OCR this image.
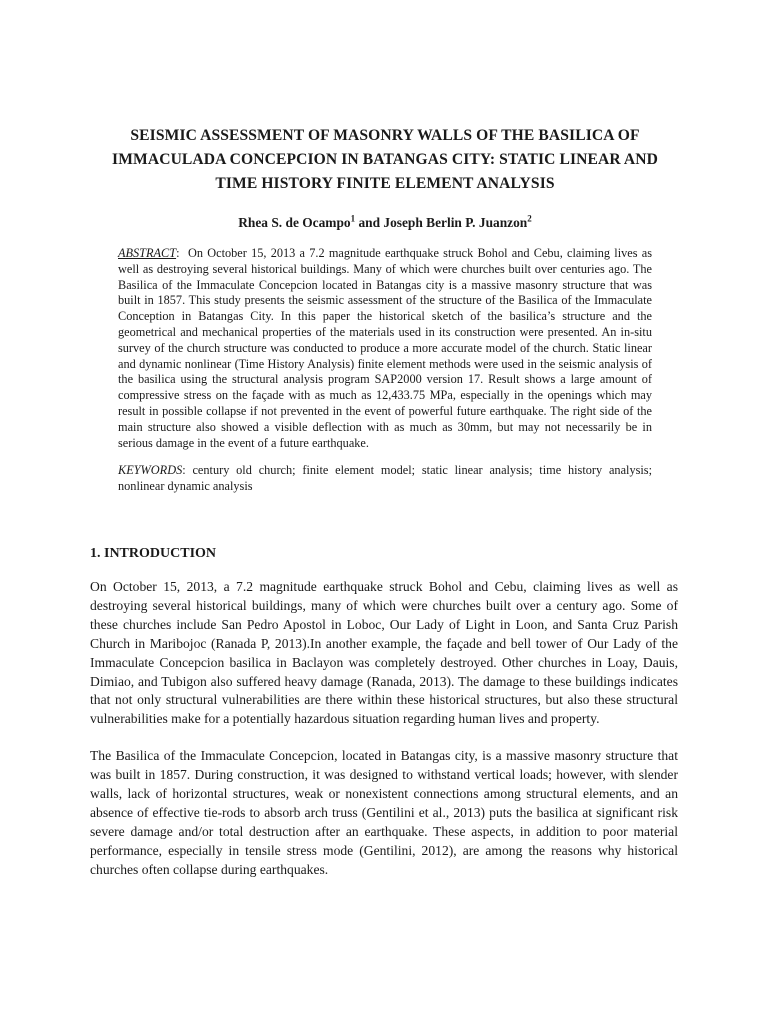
SEISMIC ASSESSMENT OF MASONRY WALLS OF THE BASILICA OF IMMACULADA CONCEPCION IN BATANGAS CITY: STATIC LINEAR AND TIME HISTORY FINITE ELEMENT ANALYSIS
Rhea S. de Ocampo$^1$ and Joseph Berlin P. Juanzon$^2$
ABSTRACT:  On October 15, 2013 a 7.2 magnitude earthquake struck Bohol and Cebu, claiming lives as well as destroying several historical buildings. Many of which were churches built over centuries ago. The Basilica of the Immaculate Concepcion located in Batangas city is a massive masonry structure that was built in 1857. This study presents the seismic assessment of the structure of the Basilica of the Immaculate Conception in Batangas City. In this paper the historical sketch of the basilica’s structure and the geometrical and mechanical properties of the materials used in its construction were presented. An in-situ survey of the church structure was conducted to produce a more accurate model of the church. Static linear and dynamic nonlinear (Time History Analysis) finite element methods were used in the seismic analysis of the basilica using the structural analysis program SAP2000 version 17. Result shows a large amount of compressive stress on the façade with as much as 12,433.75 MPa, especially in the openings which may result in possible collapse if not prevented in the event of powerful future earthquake. The right side of the main structure also showed a visible deflection with as much as 30mm, but may not necessarily be in serious damage in the event of a future earthquake.
KEYWORDS: century old church; finite element model; static linear analysis; time history analysis; nonlinear dynamic analysis
1. INTRODUCTION

On October 15, 2013, a 7.2 magnitude earthquake struck Bohol and Cebu, claiming lives as well as destroying several historical buildings, many of which were churches built over a century ago. Some of these churches include San Pedro Apostol in Loboc, Our Lady of Light in Loon, and Santa Cruz Parish Church in Maribojoc (Ranada P, 2013).In another example, the façade and bell tower of Our Lady of the Immaculate Concepcion basilica in Baclayon was completely destroyed. Other churches in Loay, Dauis, Dimiao, and Tubigon also suffered heavy damage (Ranada, 2013). The damage to these buildings indicates that not only structural vulnerabilities are there within these historical structures, but also these structural vulnerabilities make for a potentially hazardous situation regarding human lives and property.

The Basilica of the Immaculate Concepcion, located in Batangas city, is a massive masonry structure that was built in 1857. During construction, it was designed to withstand vertical loads; however, with slender walls, lack of horizontal structures, weak or nonexistent connections among structural elements, and an absence of effective tie-rods to absorb arch truss (Gentilini et al., 2013) puts the basilica at significant risk severe damage and/or total destruction after an earthquake. These aspects, in addition to poor material performance, especially in tensile stress mode (Gentilini, 2012), are among the reasons why historical churches often collapse during earthquakes.
